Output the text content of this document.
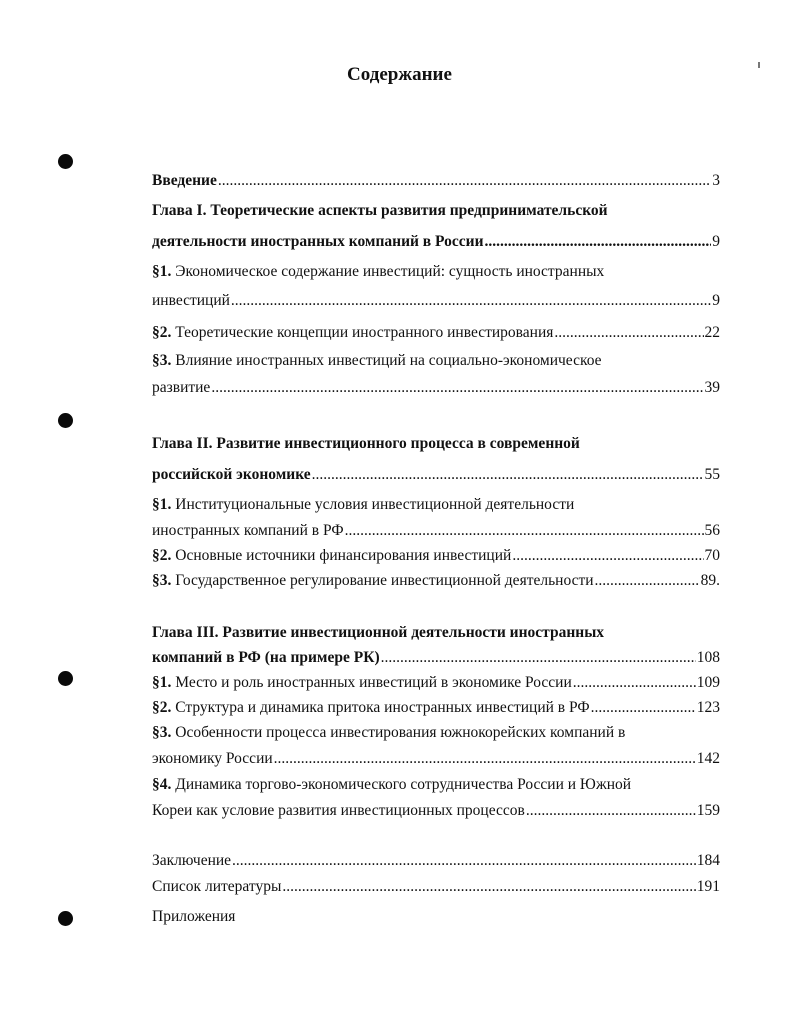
Содержание
Введение .....	3
Глава I. Теоретические аспекты развития предпринимательской
деятельности иностранных компаний в России .....	9
§1. Экономическое содержание инвестиций: сущность иностранных
инвестиций .....	9
§2. Теоретические концепции иностранного инвестирования .....	22
§3. Влияние иностранных инвестиций на социально-экономическое
развитие .....	39
Глава II. Развитие инвестиционного процесса в современной
российской экономике .....	55
§1. Институциональные условия инвестиционной деятельности
иностранных компаний в РФ .....	56
§2. Основные источники финансирования инвестиций .....	70
§3. Государственное регулирование инвестиционной деятельности .....	89.
Глава III. Развитие инвестиционной деятельности иностранных
компаний в РФ (на примере РК) .....	108
§1. Место и роль иностранных инвестиций в экономике России .....	109
§2. Структура и динамика притока иностранных инвестиций в РФ .....	123
§3. Особенности процесса инвестирования южнокорейских компаний в
экономику России .....	142
§4. Динамика торгово-экономического сотрудничества России и Южной
Кореи как условие развития инвестиционных процессов .....	159
Заключение .....	184
Список литературы .....	191
Приложения
